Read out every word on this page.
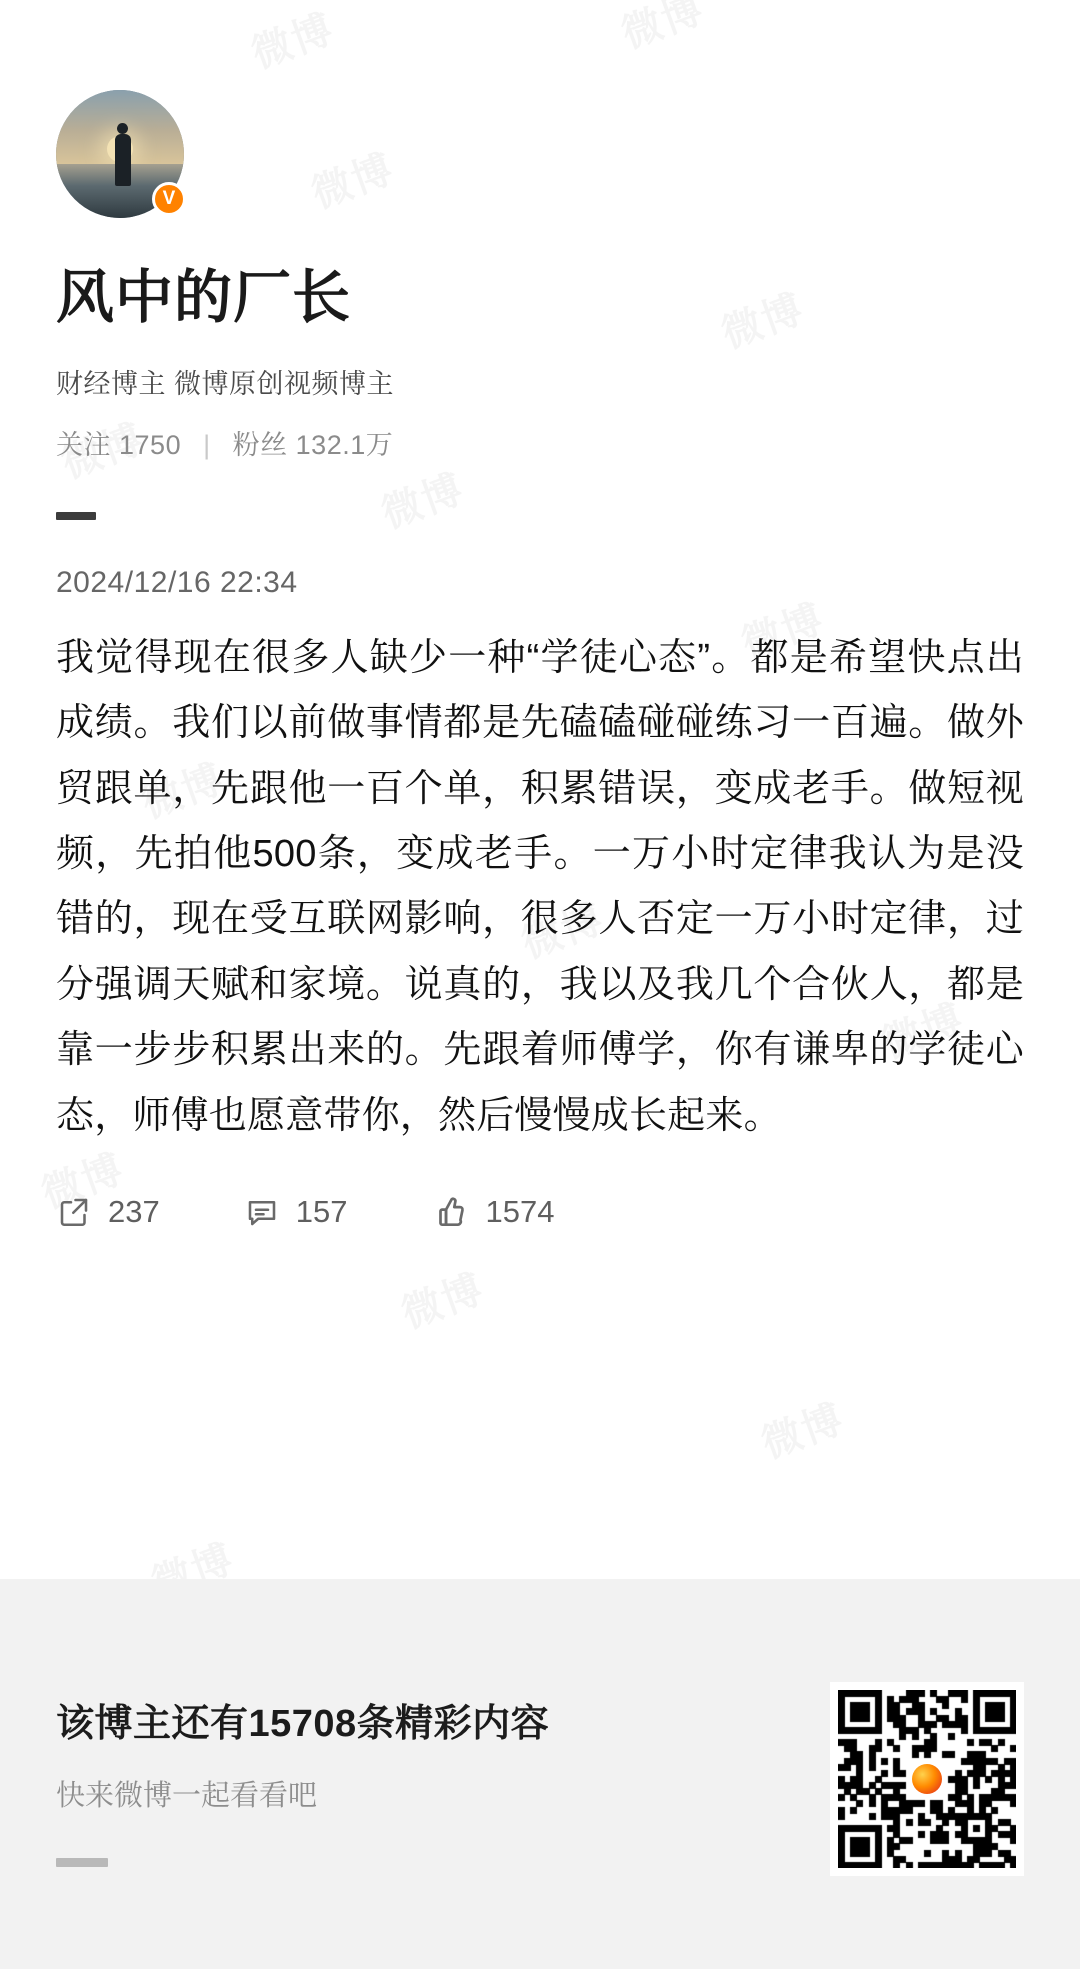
V
风中的厂长
财经博主 微博原创视频博主
关注 1750 | 粉丝 132.1万
2024/12/16 22:34
我觉得现在很多人缺少一种“学徒心态”。都是希望快点出成绩。我们以前做事情都是先磕磕碰碰练习一百遍。做外贸跟单，先跟他一百个单，积累错误，变成老手。做短视频，先拍他500条，变成老手。一万小时定律我认为是没错的，现在受互联网影响，很多人否定一万小时定律，过分强调天赋和家境。说真的，我以及我几个合伙人，都是靠一步步积累出来的。先跟着师傅学，你有谦卑的学徒心态，师傅也愿意带你，然后慢慢成长起来。
237	157	1574
该博主还有15708条精彩内容
快来微博一起看看吧
